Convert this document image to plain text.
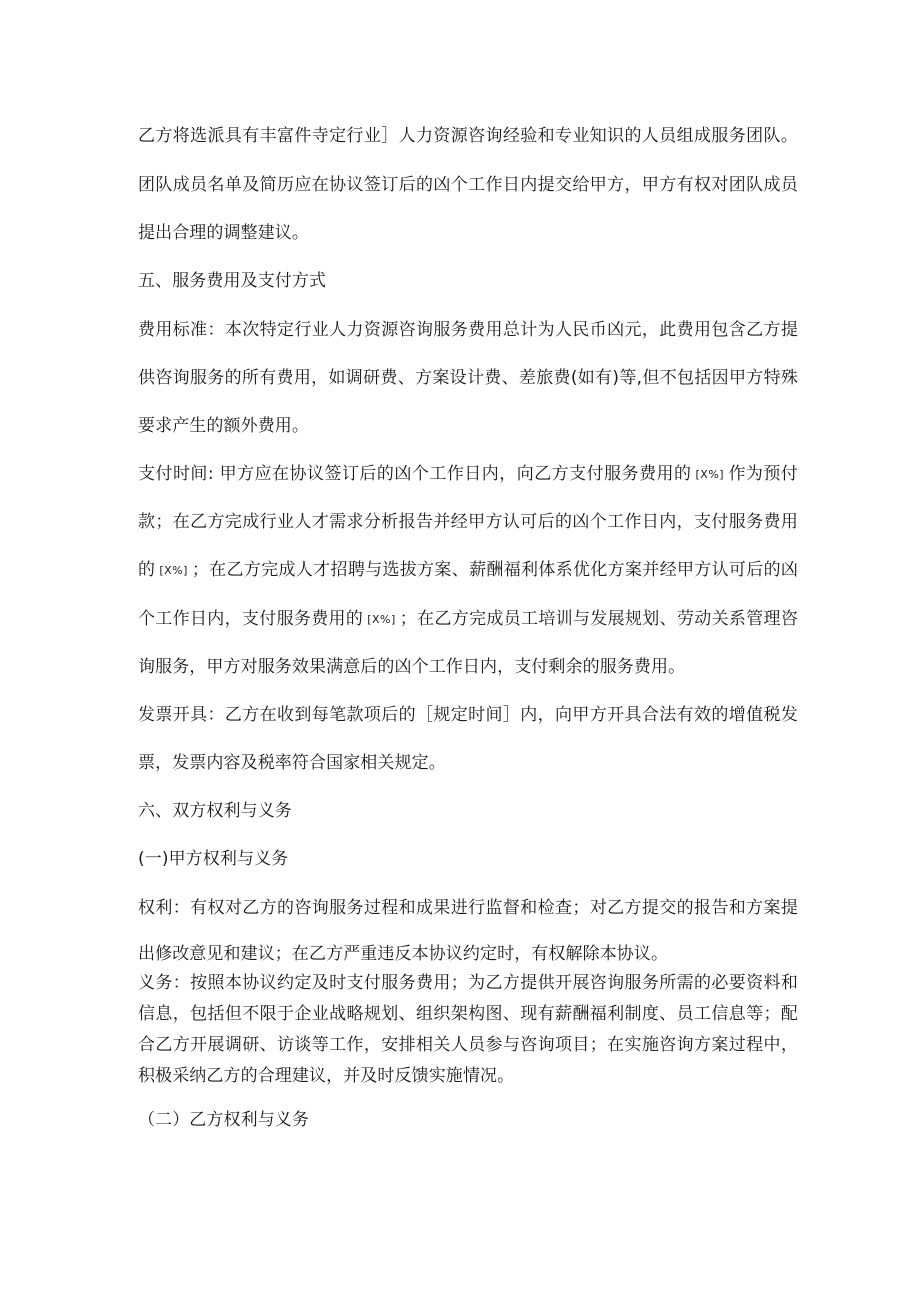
乙方将选派具有丰富件寺定行业］人力资源咨询经验和专业知识的人员组成服务团队。
团队成员名单及简历应在协议签订后的凶个工作日内提交给甲方，甲方有权对团队成员
提出合理的调整建议。
五、服务费用及支付方式
费用标准：本次特定行业人力资源咨询服务费用总计为人民币凶元，此费用包含乙方提
供咨询服务的所有费用，如调研费、方案设计费、差旅费(如有)等,但不包括因甲方特殊
要求产生的额外费用。
支付时间: 甲方应在协议签订后的凶个工作日内，向乙方支付服务费用的 [X%] 作为预付
款；在乙方完成行业人才需求分析报告并经甲方认可后的凶个工作日内，支付服务费用
的 [X%] ；在乙方完成人才招聘与选拔方案、薪酬福利体系优化方案并经甲方认可后的凶
个工作日内，支付服务费用的 [X%] ；在乙方完成员工培训与发展规划、劳动关系管理咨
询服务，甲方对服务效果满意后的凶个工作日内，支付剩余的服务费用。
发票开具：乙方在收到每笔款项后的［规定时间］内，向甲方开具合法有效的增值税发
票，发票内容及税率符合国家相关规定。
六、双方权利与义务
(一)甲方权利与义务
权利：有权对乙方的咨询服务过程和成果进行监督和检查；对乙方提交的报告和方案提
出修改意见和建议；在乙方严重违反本协议约定时，有权解除本协议。
义务：按照本协议约定及时支付服务费用；为乙方提供开展咨询服务所需的必要资料和
信息，包括但不限于企业战略规划、组织架构图、现有薪酬福利制度、员工信息等；配
合乙方开展调研、访谈等工作，安排相关人员参与咨询项目；在实施咨询方案过程中，
积极采纳乙方的合理建议，并及时反馈实施情况。
（二）乙方权利与义务
